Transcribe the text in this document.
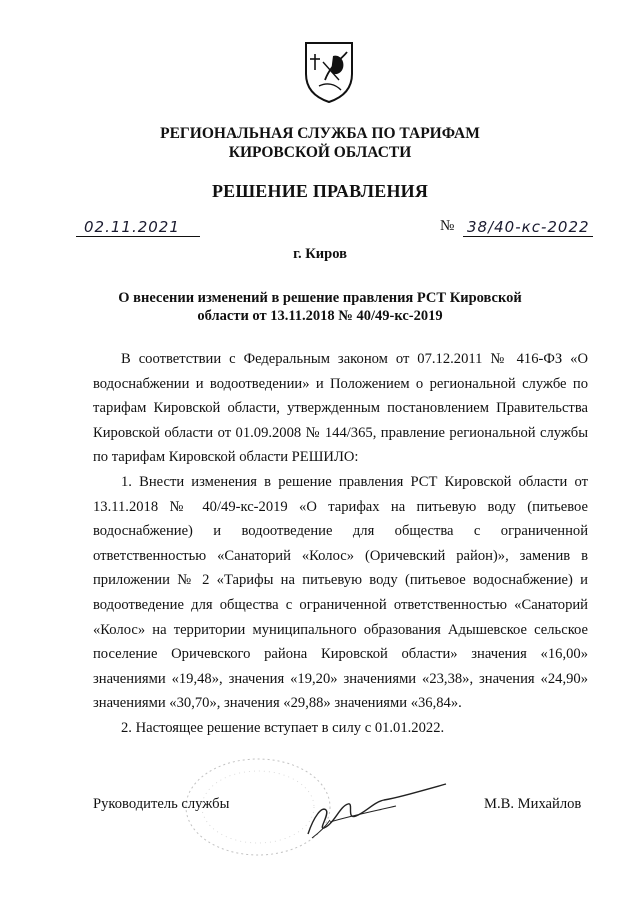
РЕГИОНАЛЬНАЯ СЛУЖБА ПО ТАРИФАМ
КИРОВСКОЙ ОБЛАСТИ
РЕШЕНИЕ ПРАВЛЕНИЯ
02.11.2021	№ 38/40-кс-2022
г. Киров
О внесении изменений в решение правления РСТ Кировской
области от 13.11.2018 № 40/49-кс-2019

В соответствии с Федеральным законом от 07.12.2011 № 416-ФЗ «О водоснабжении и водоотведении» и Положением о региональной службе по тарифам Кировской области, утвержденным постановлением Правительства Кировской области от 01.09.2008 № 144/365, правление региональной службы по тарифам Кировской области РЕШИЛО:

1. Внести изменения в решение правления РСТ Кировской области от 13.11.2018 № 40/49-кс-2019 «О тарифах на питьевую воду (питьевое водоснабжение) и водоотведение для общества с ограниченной ответственностью «Санаторий «Колос» (Оричевский район)», заменив в приложении № 2 «Тарифы на питьевую воду (питьевое водоснабжение) и водоотведение для общества с ограниченной ответственностью «Санаторий «Колос» на территории муниципального образования Адышевское сельское поселение Оричевского района Кировской области» значения «16,00» значениями «19,48», значения «19,20» значениями «23,38», значения «24,90» значениями «30,70», значения «29,88» значениями «36,84».

2. Настоящее решение вступает в силу с 01.01.2022.

Руководитель службы	М.В. Михайлов
